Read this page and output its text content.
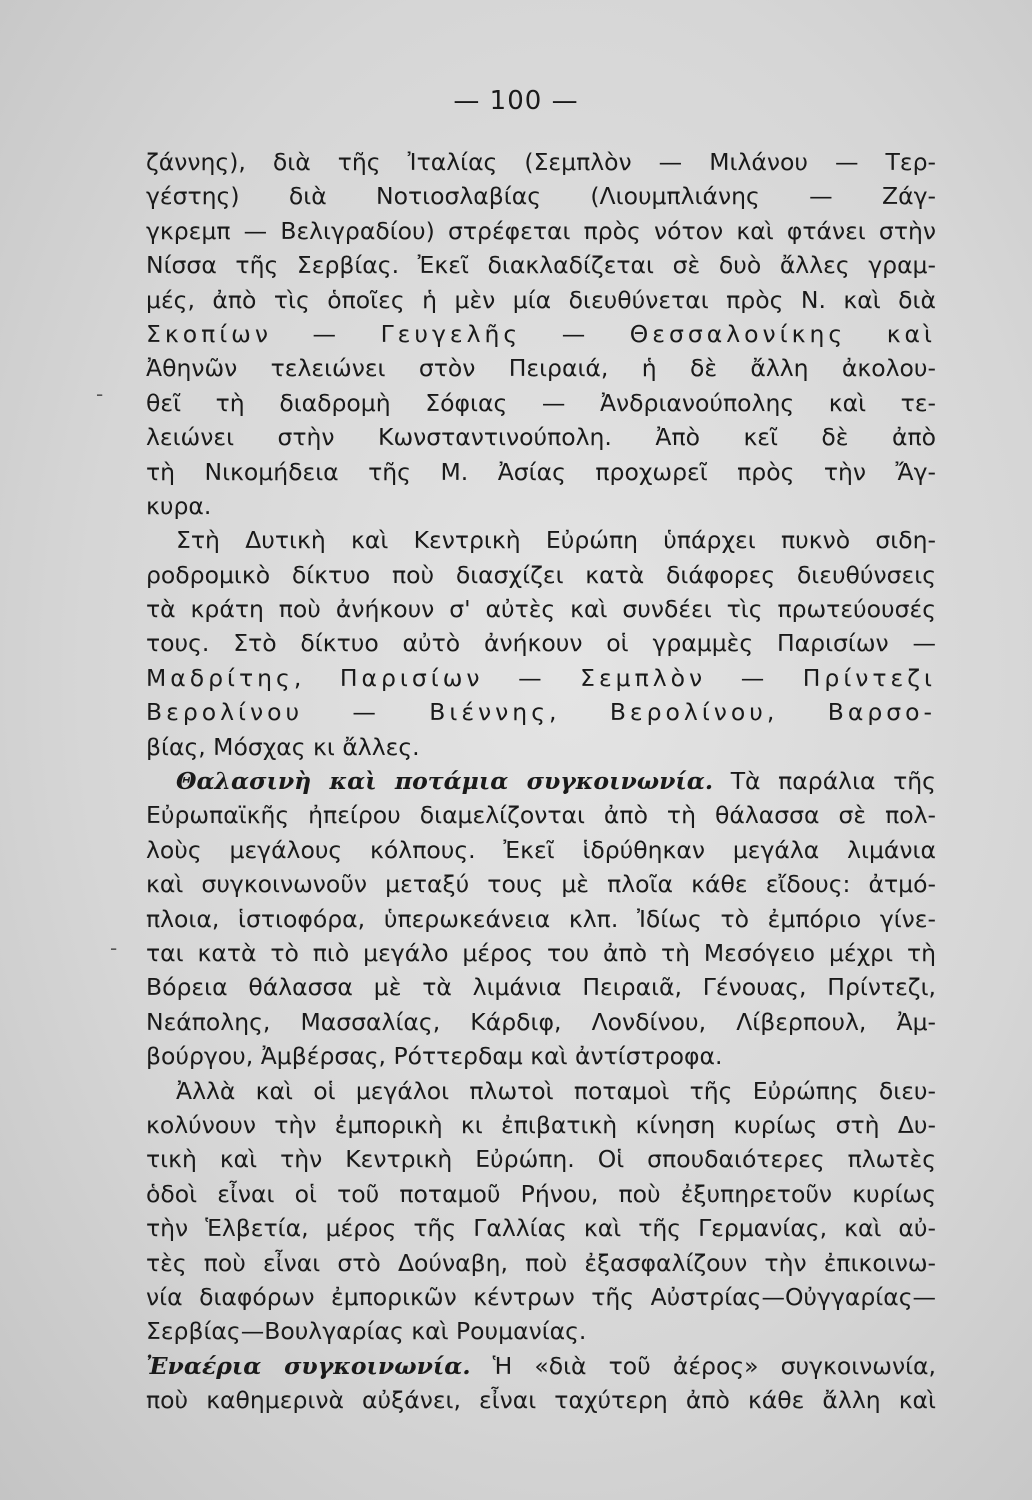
— 100 —
-
-
ζάννης), διὰ τῆς Ἰταλίας (Σεμπλὸν — Μιλάνου — Τερ-
γέστης) διὰ Νοτιοσλαβίας (Λιουμπλιάνης — Ζάγ-
γκρεμπ — Βελιγραδίου) στρέφεται πρὸς νότον καὶ φτάνει στὴν
Νίσσα τῆς Σερβίας. Ἐκεῖ διακλαδίζεται σὲ δυὸ ἄλλες γραμ-
μές, ἀπὸ τὶς ὁποῖες ἡ μὲν μία διευθύνεται πρὸς Ν. καὶ διὰ
Σκοπίων — Γευγελῆς — Θεσσαλονίκης καὶ
Ἀθηνῶν τελειώνει στὸν Πειραιά, ἡ δὲ ἄλλη ἀκολου-
θεῖ τὴ διαδρομὴ Σόφιας — Ἀνδριανούπολης καὶ τε-
λειώνει στὴν Κωνσταντινούπολη. Ἀπὸ κεῖ δὲ ἀπὸ
τὴ Νικομήδεια τῆς Μ. Ἀσίας προχωρεῖ πρὸς τὴν Ἄγ-
κυρα.
Στὴ Δυτικὴ καὶ Κεντρικὴ Εὐρώπη ὑπάρχει πυκνὸ σιδη-
ροδρομικὸ δίκτυο ποὺ διασχίζει κατὰ διάφορες διευθύνσεις
τὰ κράτη ποὺ ἀνήκουν σ' αὐτὲς καὶ συνδέει τὶς πρωτεύουσές
τους. Στὸ δίκτυο αὐτὸ ἀνήκουν οἱ γραμμὲς Παρισίων —
Μαδρίτης, Παρισίων — Σεμπλὸν — Πρίντεζι
Βερολίνου — Βιέννης, Βερολίνου, Βαρσο-
βίας, Μόσχας κι ἄλλες.
Θαλασινὴ καὶ ποτάμια συγκοινωνία. Τὰ παράλια τῆς
Εὐρωπαϊκῆς ἠπείρου διαμελίζονται ἀπὸ τὴ θάλασσα σὲ πολ-
λοὺς μεγάλους κόλπους. Ἐκεῖ ἱδρύθηκαν μεγάλα λιμάνια
καὶ συγκοινωνοῦν μεταξύ τους μὲ πλοῖα κάθε εἴδους: ἀτμό-
πλοια, ἱστιοφόρα, ὑπερωκεάνεια κλπ. Ἰδίως τὸ ἐμπόριο γίνε-
ται κατὰ τὸ πιὸ μεγάλο μέρος του ἀπὸ τὴ Μεσόγειο μέχρι τὴ
Βόρεια θάλασσα μὲ τὰ λιμάνια Πειραιᾶ, Γένουας, Πρίντεζι,
Νεάπολης, Μασσαλίας, Κάρδιφ, Λονδίνου, Λίβερπουλ, Ἀμ-
βούργου, Ἀμβέρσας, Ρόττερδαμ καὶ ἀντίστροφα.
Ἀλλὰ καὶ οἱ μεγάλοι πλωτοὶ ποταμοὶ τῆς Εὐρώπης διευ-
κολύνουν τὴν ἐμπορικὴ κι ἐπιβατικὴ κίνηση κυρίως στὴ Δυ-
τικὴ καὶ τὴν Κεντρικὴ Εὐρώπη. Οἱ σπουδαιότερες πλωτὲς
ὁδοὶ εἶναι οἱ τοῦ ποταμοῦ Ρήνου, ποὺ ἐξυπηρετοῦν κυρίως
τὴν Ἑλβετία, μέρος τῆς Γαλλίας καὶ τῆς Γερμανίας, καὶ αὐ-
τὲς ποὺ εἶναι στὸ Δούναβη, ποὺ ἐξασφαλίζουν τὴν ἐπικοινω-
νία διαφόρων ἐμπορικῶν κέντρων τῆς Αὐστρίας—Οὐγγαρίας—
Σερβίας—Βουλγαρίας καὶ Ρουμανίας.
Ἐναέρια συγκοινωνία. Ἡ «διὰ τοῦ ἀέρος» συγκοινωνία,
ποὺ καθημερινὰ αὐξάνει, εἶναι ταχύτερη ἀπὸ κάθε ἄλλη καὶ
